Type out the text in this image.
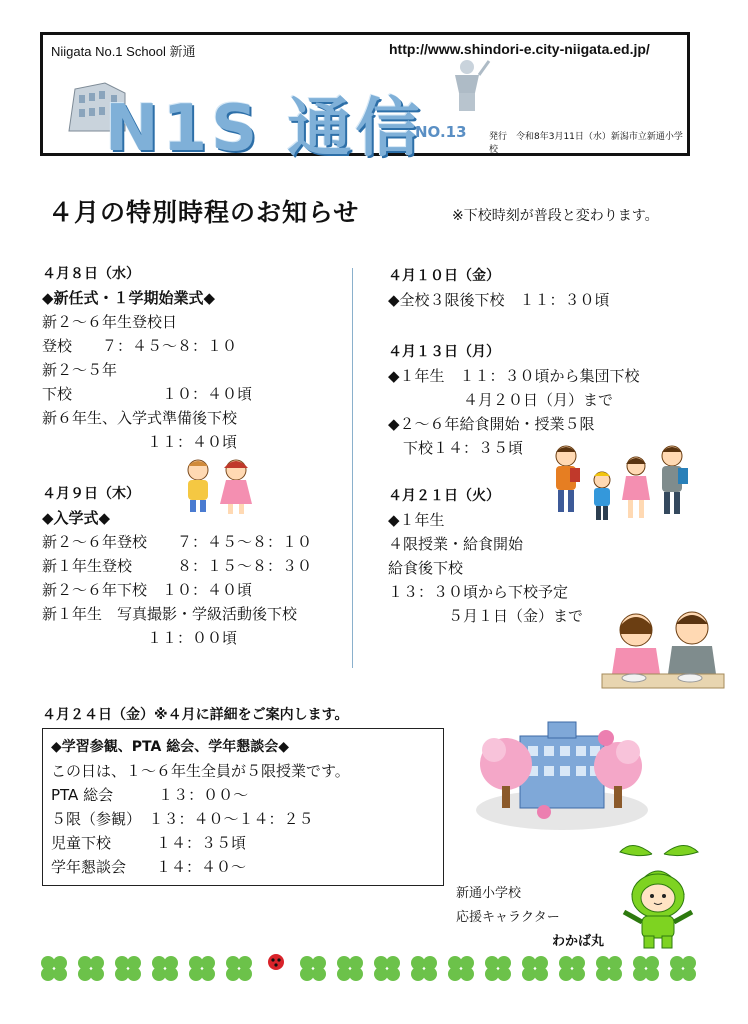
Niigata No.1 School 新通	http://www.shindori-e.city-niigata.ed.jp/
N1S 通信
NO.13 発行　令和8年3月11日（水）新潟市立新通小学校
４月の特別時程のお知らせ	※下校時刻が普段と変わります。
４月８日（水）
◆新任式・１学期始業式◆
新２～６年生登校日
登校　　７：４５～８：１０
新２～５年
下校　　　　　　１０：４０頃
新６年生、入学式準備後下校
　　　　　　　１１：４０頃
４月９日（木）
◆入学式◆
新２～６年登校　　７：４５～８：１０
新１年生登校　　　８：１５～８：３０
新２～６年下校　１０：４０頃
新１年生　写真撮影・学級活動後下校
　　　　　　　１１：００頃
４月１０日（金）
◆全校３限後下校　１１：３０頃
４月１３日（月）
◆１年生　１１：３０頃から集団下校
　　　　　４月２０日（月）まで
◆２～６年給食開始・授業５限
　下校１４：３５頃
４月２１日（火）
◆１年生
４限授業・給食開始
給食後下校
１３：３０頃から下校予定
　　　　５月１日（金）まで
４月２４日（金）※４月に詳細をご案内します。
◆学習参観、PTA 総会、学年懇談会◆
この日は、１～６年生全員が５限授業です。
PTA 総会　　　１３：００～
５限（参観）　１３：４０～１４：２５
児童下校　　　１４：３５頃
学年懇談会　　１４：４０～
新通小学校
応援キャラクター
わかば丸
